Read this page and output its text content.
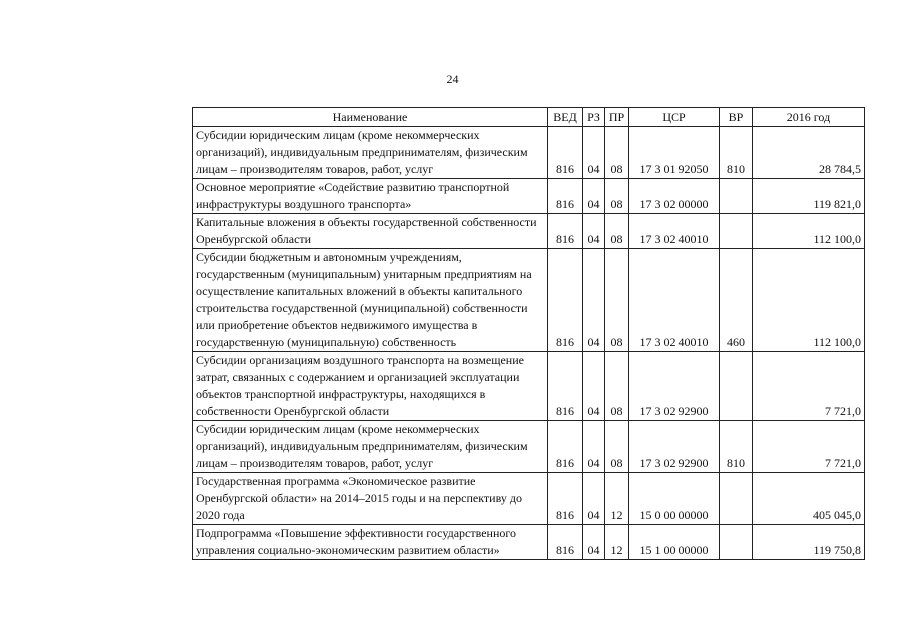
24
Наименование	ВЕД	РЗ	ПР	ЦСР	ВР	2016 год
Субсидии юридическим лицам (кроме некоммерческих организаций), индивидуальным предпринимателям, физическим лицам – производителям товаров, работ, услуг	816	04	08	17 3 01 92050	810	28 784,5
Основное мероприятие «Содействие развитию транспортной инфраструктуры воздушного транспорта»	816	04	08	17 3 02 00000		119 821,0
Капитальные вложения в объекты государственной собственности Оренбургской области	816	04	08	17 3 02 40010		112 100,0
Субсидии бюджетным и автономным учреждениям, государственным (муниципальным) унитарным предприятиям на осуществление капитальных вложений в объекты капитального строительства государственной (муниципальной) собственности или приобретение объектов недвижимого имущества в государственную (муниципальную) собственность	816	04	08	17 3 02 40010	460	112 100,0
Субсидии организациям воздушного транспорта на возмещение затрат, связанных с содержанием и организацией эксплуатации объектов транспортной инфраструктуры, находящихся в собственности Оренбургской области	816	04	08	17 3 02 92900		7 721,0
Субсидии юридическим лицам (кроме некоммерческих организаций), индивидуальным предпринимателям, физическим лицам – производителям товаров, работ, услуг	816	04	08	17 3 02 92900	810	7 721,0
Государственная программа «Экономическое развитие Оренбургской области» на 2014–2015 годы и на перспективу до 2020 года	816	04	12	15 0 00 00000		405 045,0
Подпрограмма «Повышение эффективности государственного управления социально-экономическим развитием области»	816	04	12	15 1 00 00000		119 750,8
